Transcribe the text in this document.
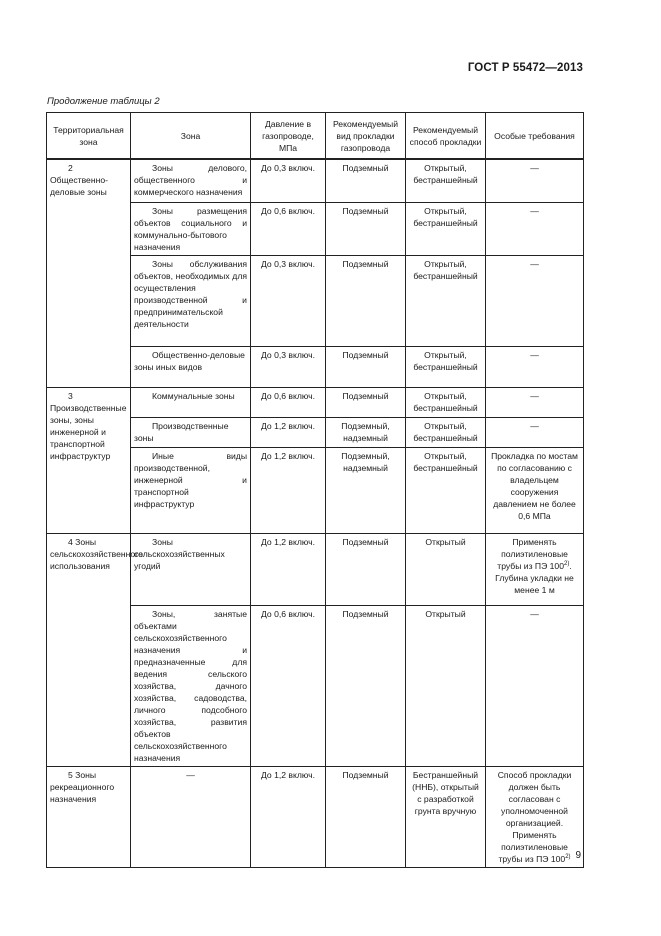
ГОСТ Р 55472—2013
Продолжение таблицы 2
Территориальная зона	Зона	Давление в газопроводе, МПа	Рекомендуемый вид прокладки газопровода	Рекомендуемый способ прокладки	Особые требования
2 Общественно-деловые зоны	Зоны делового, общественного и коммерческого назначения	До 0,3 включ.	Подземный	Открытый, бестраншейный	—
	Зоны размещения объектов социального и коммунально-бытового назначения	До 0,6 включ.	Подземный	Открытый, бестраншейный	—
	Зоны обслуживания объектов, необходимых для осуществления производственной и предпринимательской деятельности	До 0,3 включ.	Подземный	Открытый, бестраншейный	—
	Общественно-деловые зоны иных видов	До 0,3 включ.	Подземный	Открытый, бестраншейный	—
3 Производственные зоны, зоны инженерной и транспортной инфраструктур	Коммунальные зоны	До 0,6 включ.	Подземный	Открытый, бестраншейный	—
	Производственные зоны	До 1,2 включ.	Подземный, надземный	Открытый, бестраншейный	—
	Иные виды производственной, инженерной и транспортной инфраструктур	До 1,2 включ.	Подземный, надземный	Открытый, бестраншейный	Прокладка по мостам по согласованию с владельцем сооружения давлением не более 0,6 МПа
4 Зоны сельскохозяйственного использования	Зоны сельскохозяйственных угодий	До 1,2 включ.	Подземный	Открытый	Применять полиэтиленовые трубы из ПЭ 100$^{2)}$. Глубина укладки не менее 1 м
	Зоны, занятые объектами сельскохозяйственного назначения и предназначенные для ведения сельского хозяйства, дачного хозяйства, садоводства, личного подсобного хозяйства, развития объектов сельскохозяйственного назначения	До 0,6 включ.	Подземный	Открытый	—
5 Зоны рекреационного назначения	—	До 1,2 включ.	Подземный	Бестраншейный (ННБ), открытый с разработкой грунта вручную	Способ прокладки должен быть согласован с уполномоченной организацией. Применять полиэтиленовые трубы из ПЭ 100$^{2)}$ 9
